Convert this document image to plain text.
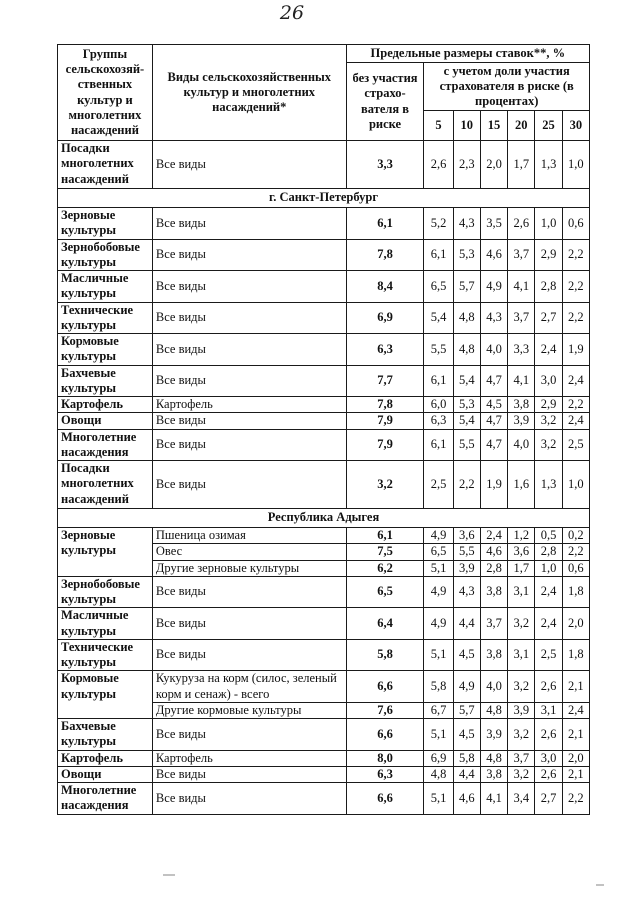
26
Группы сельскохозяй-ственных культур и многолетних насаждений	Виды сельскохозяйственных культур и многолетних насаждений*	Предельные размеры ставок**, %						
		без участия страхо-вателя в риске	с учетом доли участия страхователя в риске (в процентах)					
			5	10	15	20	25	30
Посадки многолетних насаждений	Все виды	3,3	2,6	2,3	2,0	1,7	1,3	1,0
г. Санкт-Петербург								
Зерновые культуры	Все виды	6,1	5,2	4,3	3,5	2,6	1,0	0,6
Зернобобовые культуры	Все виды	7,8	6,1	5,3	4,6	3,7	2,9	2,2
Масличные культуры	Все виды	8,4	6,5	5,7	4,9	4,1	2,8	2,2
Технические культуры	Все виды	6,9	5,4	4,8	4,3	3,7	2,7	2,2
Кормовые культуры	Все виды	6,3	5,5	4,8	4,0	3,3	2,4	1,9
Бахчевые культуры	Все виды	7,7	6,1	5,4	4,7	4,1	3,0	2,4
Картофель	Картофель	7,8	6,0	5,3	4,5	3,8	2,9	2,2
Овощи	Все виды	7,9	6,3	5,4	4,7	3,9	3,2	2,4
Многолетние насаждения	Все виды	7,9	6,1	5,5	4,7	4,0	3,2	2,5
Посадки многолетних насаждений	Все виды	3,2	2,5	2,2	1,9	1,6	1,3	1,0
Республика Адыгея								
Зерновые культуры	Пшеница озимая	6,1	4,9	3,6	2,4	1,2	0,5	0,2
	Овес	7,5	6,5	5,5	4,6	3,6	2,8	2,2
	Другие зерновые культуры	6,2	5,1	3,9	2,8	1,7	1,0	0,6
Зернобобовые культуры	Все виды	6,5	4,9	4,3	3,8	3,1	2,4	1,8
Масличные культуры	Все виды	6,4	4,9	4,4	3,7	3,2	2,4	2,0
Технические культуры	Все виды	5,8	5,1	4,5	3,8	3,1	2,5	1,8
Кормовые культуры	Кукуруза на корм (силос, зеленый корм и сенаж) - всего	6,6	5,8	4,9	4,0	3,2	2,6	2,1
	Другие кормовые культуры	7,6	6,7	5,7	4,8	3,9	3,1	2,4
Бахчевые культуры	Все виды	6,6	5,1	4,5	3,9	3,2	2,6	2,1
Картофель	Картофель	8,0	6,9	5,8	4,8	3,7	3,0	2,0
Овощи	Все виды	6,3	4,8	4,4	3,8	3,2	2,6	2,1
Многолетние насаждения	Все виды	6,6	5,1	4,6	4,1	3,4	2,7	2,2
